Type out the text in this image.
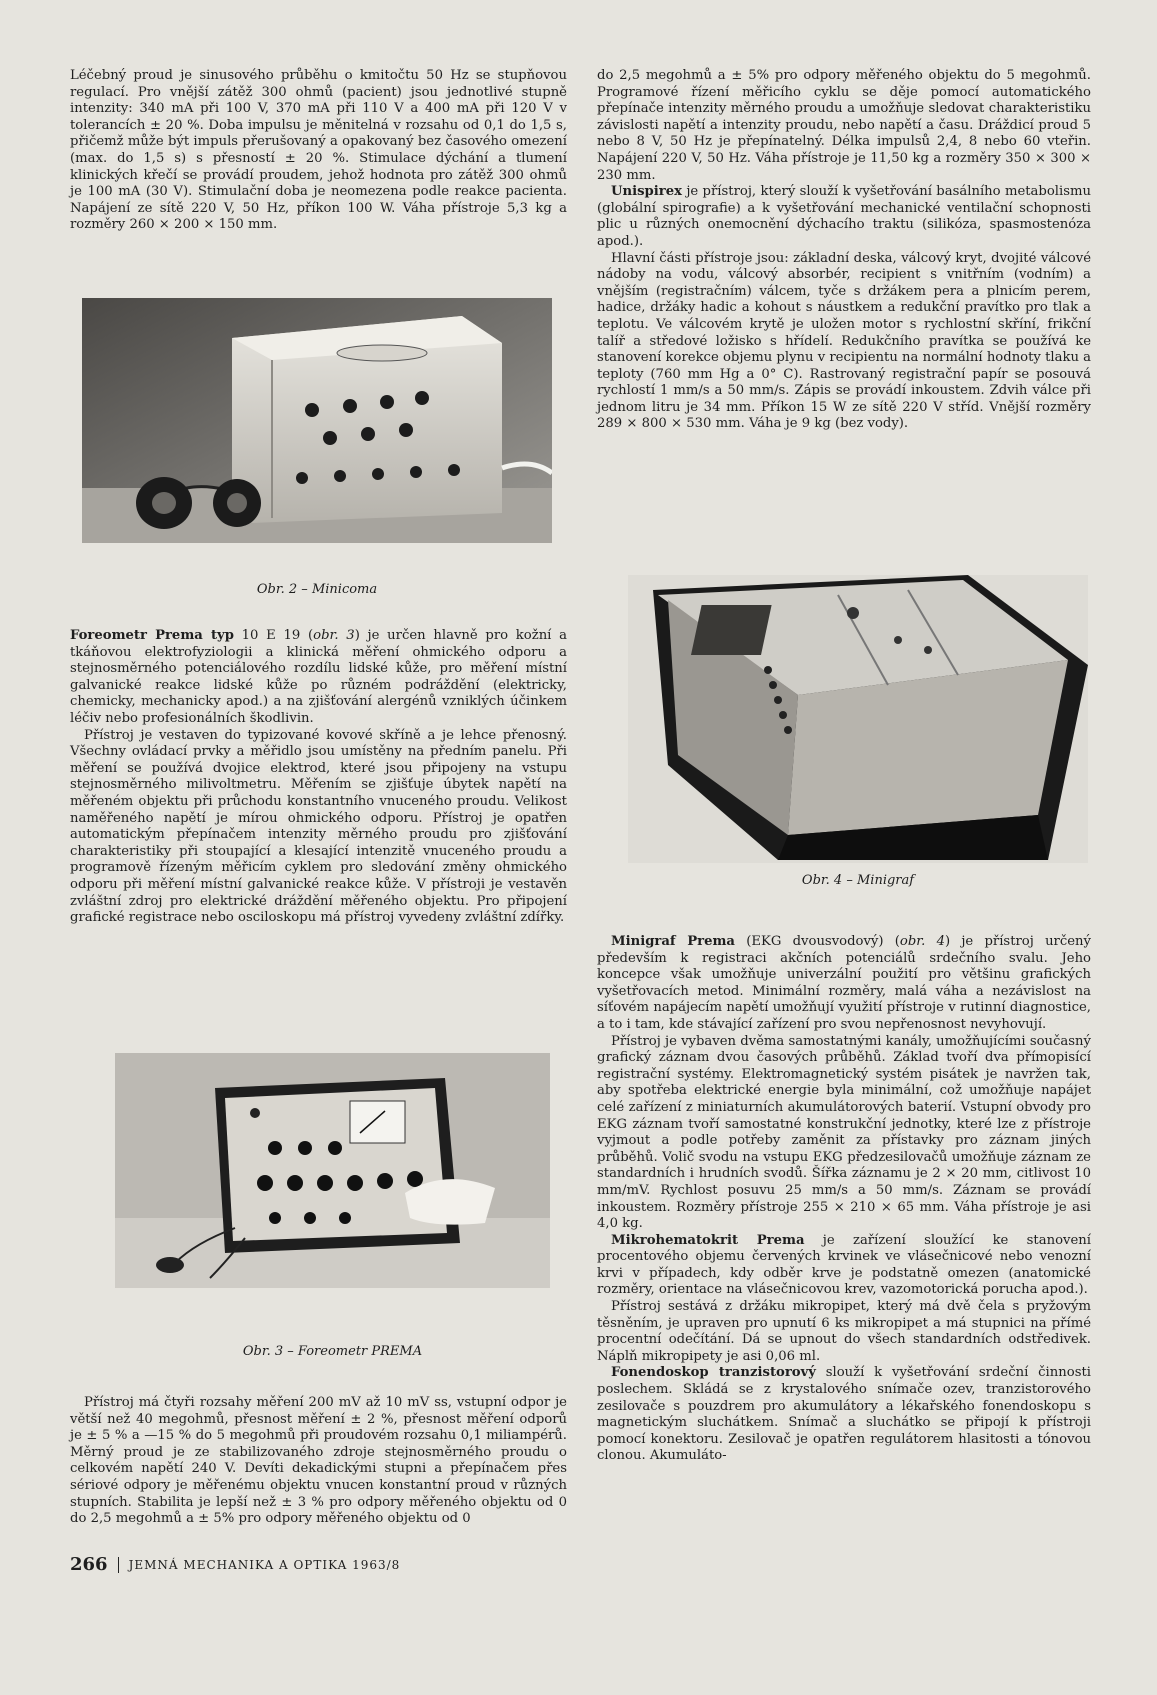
Léčebný proud je sinusového průběhu o kmitočtu 50 Hz se stupňovou regulací. Pro vnější zátěž 300 ohmů (pacient) jsou jednotlivé stupně intenzity: 340 mA při 100 V, 370 mA při 110 V a 400 mA při 120 V v tolerancích ± 20 %. Doba impulsu je měnitelná v rozsahu od 0,1 do 1,5 s, přičemž může být impuls přerušovaný a opakovaný bez časového omezení (max. do 1,5 s) s přesností ± 20 %. Stimulace dýchání a tlumení klinických křečí se provádí proudem, jehož hodnota pro zátěž 300 ohmů je 100 mA (30 V). Stimulační doba je neomezena podle reakce pacienta. Napájení ze sítě 220 V, 50 Hz, příkon 100 W. Váha přístroje 5,3 kg a rozměry 260 × 200 × 150 mm.

do 2,5 megohmů a ± 5% pro odpory měřeného objektu do 5 megohmů. Programové řízení měřicího cyklu se děje pomocí automatického přepínače intenzity měrného proudu a umožňuje sledovat charakteristiku závislosti napětí a intenzity proudu, nebo napětí a času. Dráždicí proud 5 nebo 8 V, 50 Hz je přepínatelný. Délka impulsů 2,4, 8 nebo 60 vteřin. Napájení 220 V, 50 Hz. Váha přístroje je 11,50 kg a rozměry 350 × 300 × 230 mm.

Unispirex je přístroj, který slouží k vyšetřování basálního metabolismu (globální spirografie) a k vyšetřování mechanické ventilační schopnosti plic u různých onemocnění dýchacího traktu (silikóza, spasmostenóza apod.).

Hlavní části přístroje jsou: základní deska, válcový kryt, dvojité válcové nádoby na vodu, válcový absorbér, recipient s vnitřním (vodním) a vnějším (registračním) válcem, tyče s držákem pera a plnicím perem, hadice, držáky hadic a kohout s náustkem a redukční pravítko pro tlak a teplotu. Ve válcovém krytě je uložen motor s rychlostní skříní, frikční talíř a středové ložisko s hřídelí. Redukčního pravítka se používá ke stanovení korekce objemu plynu v recipientu na normální hodnoty tlaku a teploty (760 mm Hg a 0° C). Rastrovaný registrační papír se posouvá rychlostí 1 mm/s a 50 mm/s. Zápis se provádí inkoustem. Zdvih válce při jednom litru je 34 mm. Příkon 15 W ze sítě 220 V stříd. Vnější rozměry 289 × 800 × 530 mm. Váha je 9 kg (bez vody).

Obr. 2 – Minicoma
Obr. 4 – Minigraf

Foreometr Prema typ 10 E 19 (obr. 3) je určen hlavně pro kožní a tkáňovou elektrofyziologii a klinická měření ohmického odporu a stejnosměrného potenciálového rozdílu lidské kůže, pro měření místní galvanické reakce lidské kůže po různém podráždění (elektricky, chemicky, mechanicky apod.) a na zjišťování alergénů vzniklých účinkem léčiv nebo profesionálních škodlivin.

Přístroj je vestaven do typizované kovové skříně a je lehce přenosný. Všechny ovládací prvky a měřidlo jsou umístěny na předním panelu. Při měření se používá dvojice elektrod, které jsou připojeny na vstupu stejnosměrného milivoltmetru. Měřením se zjišťuje úbytek napětí na měřeném objektu při průchodu konstantního vnuceného proudu. Velikost naměřeného napětí je mírou ohmického odporu. Přístroj je opatřen automatickým přepínačem intenzity měrného proudu pro zjišťování charakteristiky při stoupající a klesající intenzitě vnuceného proudu a programově řízeným měřicím cyklem pro sledování změny ohmického odporu při měření místní galvanické reakce kůže. V přístroji je vestavěn zvláštní zdroj pro elektrické dráždění měřeného objektu. Pro připojení grafické registrace nebo osciloskopu má přístroj vyvedeny zvláštní zdířky.

Obr. 3 – Foreometr PREMA

Minigraf Prema (EKG dvousvodový) (obr. 4) je přístroj určený především k registraci akčních potenciálů srdečního svalu. Jeho koncepce však umožňuje univerzální použití pro většinu grafických vyšetřovacích metod. Minimální rozměry, malá váha a nezávislost na síťovém napájecím napětí umožňují využití přístroje v rutinní diagnostice, a to i tam, kde stávající zařízení pro svou nepřenosnost nevyhovují.

Přístroj je vybaven dvěma samostatnými kanály, umožňujícími současný grafický záznam dvou časových průběhů. Základ tvoří dva přímopisící registrační systémy. Elektromagnetický systém pisátek je navržen tak, aby spotřeba elektrické energie byla minimální, což umožňuje napájet celé zařízení z miniaturních akumulátorových baterií. Vstupní obvody pro EKG záznam tvoří samostatné konstrukční jednotky, které lze z přístroje vyjmout a podle potřeby zaměnit za přístavky pro záznam jiných průběhů. Volič svodu na vstupu EKG předzesilovačů umožňuje záznam ze standardních i hrudních svodů. Šířka záznamu je 2 × 20 mm, citlivost 10 mm/mV. Rychlost posuvu 25 mm/s a 50 mm/s. Záznam se provádí inkoustem. Rozměry přístroje 255 × 210 × 65 mm. Váha přístroje je asi 4,0 kg.

Mikrohematokrit Prema je zařízení sloužící ke stanovení procentového objemu červených krvinek ve vlásečnicové nebo venozní krvi v případech, kdy odběr krve je podstatně omezen (anatomické rozměry, orientace na vlásečnicovou krev, vazomotorická porucha apod.).

Přístroj sestává z držáku mikropipet, který má dvě čela s pryžovým těsněním, je upraven pro upnutí 6 ks mikropipet a má stupnici na přímé procentní odečítání. Dá se upnout do všech standardních odstředivek. Náplň mikropipety je asi 0,06 ml.

Fonendoskop tranzistorový slouží k vyšetřování srdeční činnosti poslechem. Skládá se z krystalového snímače ozev, tranzistorového zesilovače s pouzdrem pro akumulátory a lékařského fonendoskopu s magnetickým sluchátkem. Snímač a sluchátko se připojí k přístroji pomocí konektoru. Zesilovač je opatřen regulátorem hlasitosti a tónovou clonou. Akumuláto-

Přístroj má čtyři rozsahy měření 200 mV až 10 mV ss, vstupní odpor je větší než 40 megohmů, přesnost měření ± 2 %, přesnost měření odporů je ± 5 % a —15 % do 5 megohmů při proudovém rozsahu 0,1 miliampérů. Měrný proud je ze stabilizovaného zdroje stejnosměrného proudu o celkovém napětí 240 V. Devíti dekadickými stupni a přepínačem přes sériové odpory je měřenému objektu vnucen konstantní proud v různých stupních. Stabilita je lepší než ± 3 % pro odpory měřeného objektu od 0 do 2,5 megohmů a ± 5% pro odpory měřeného objektu od 0

266 JEMNÁ MECHANIKA A OPTIKA 1963/8
